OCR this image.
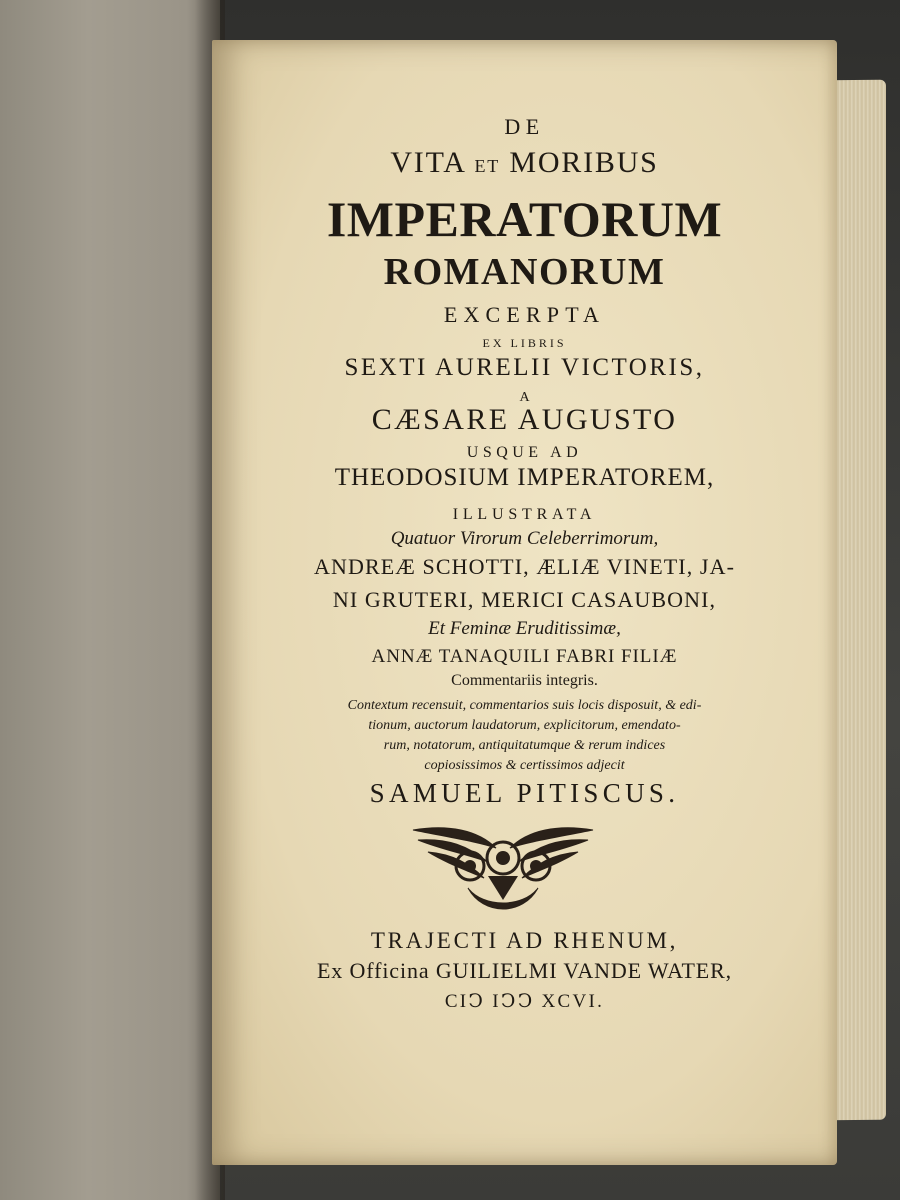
DE
VITA ET MORIBUS
IMPERATORUM
ROMANORUM
EXCERPTA
EX LIBRIS
SEXTI AURELII VICTORIS,
A
CÆSARE AUGUSTO
USQUE AD
THEODOSIUM IMPERATOREM,
ILLUSTRATA
Quatuor Virorum Celeberrimorum,
ANDREÆ SCHOTTI, ÆLIÆ VINETI, JA-
NI GRUTERI, MERICI CASAUBONI,
Et Feminæ Eruditissimæ,
ANNÆ TANAQUILI FABRI FILIÆ
Commentariis integris.
Contextum recensuit, commentarios suis locis disposuit, & edi-
tionum, auctorum laudatorum, explicitorum, emendato-
rum, notatorum, antiquitatumque & rerum indices
copiosissimos & certissimos adjecit
SAMUEL PITISCUS.
TRAJECTI AD RHENUM,
Ex Officina GUILIELMI VANDE WATER,
CIↃ IↃↃ XCVI.
